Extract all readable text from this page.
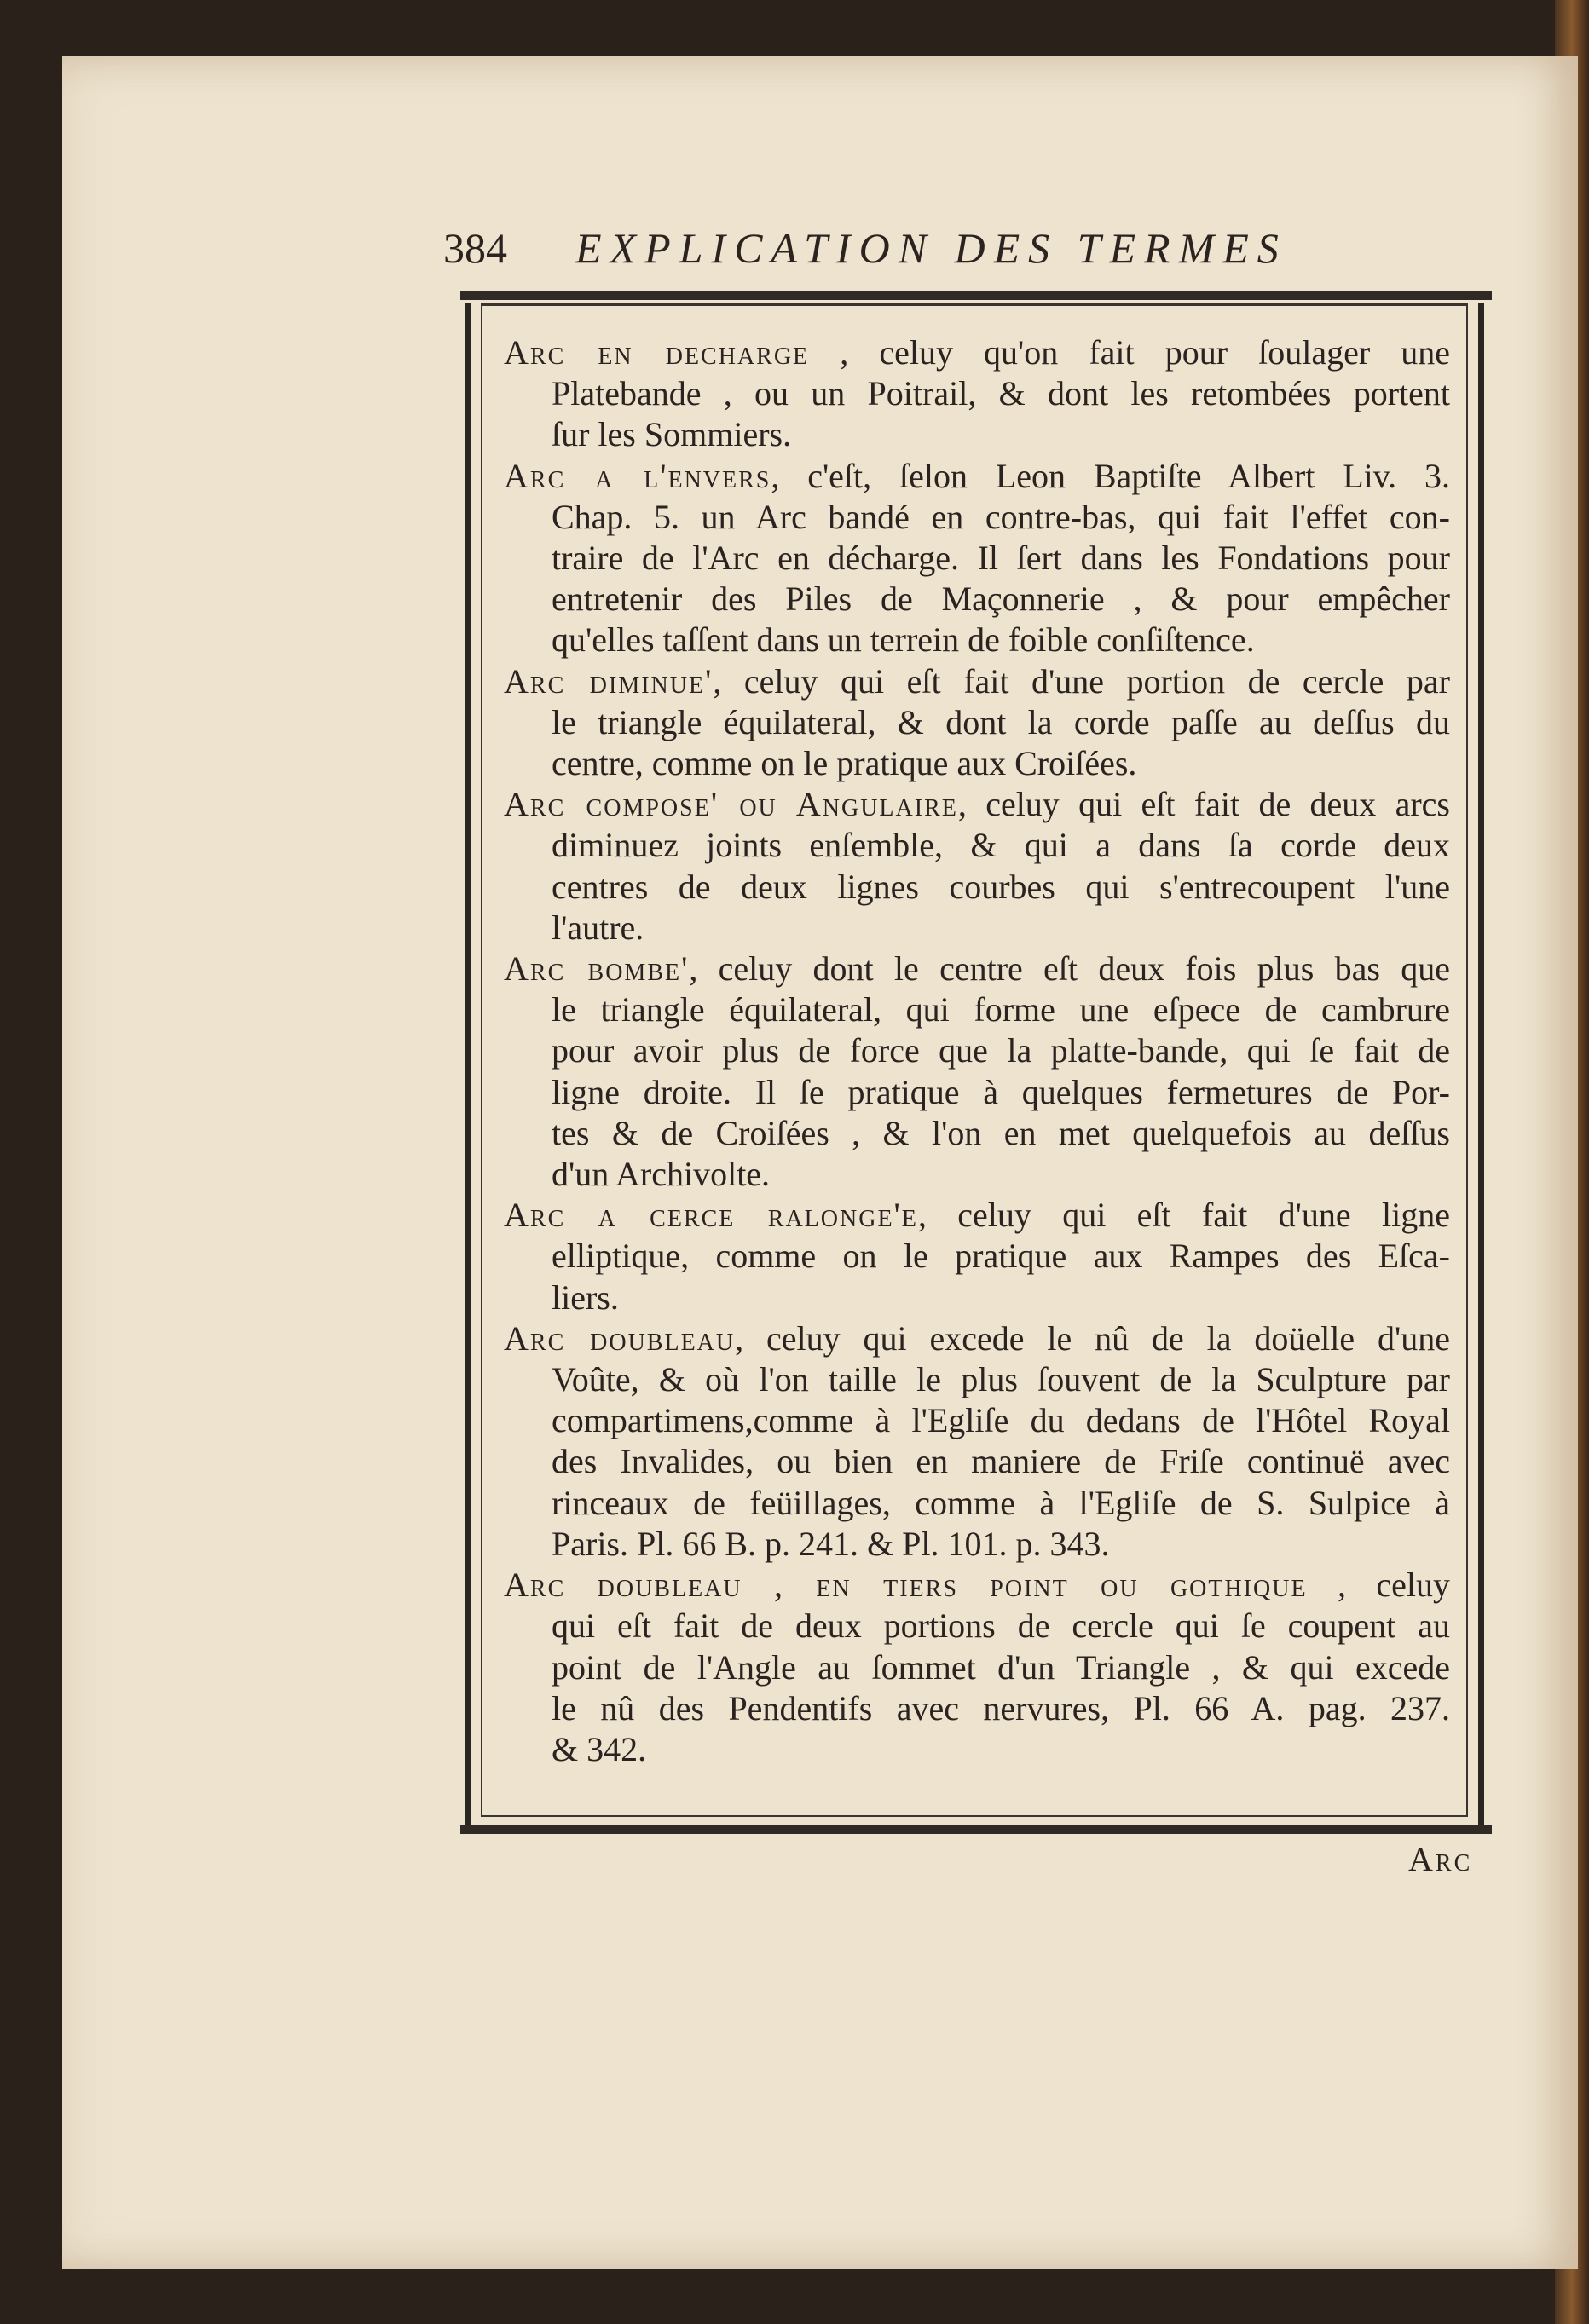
384 EXPLICATION DES TERMES
Arc en decharge , celuy qu'on fait pour ſoulager une
Platebande , ou un Poitrail, & dont les retombées portent
ſur les Sommiers.
Arc a l'envers, c'eſt, ſelon Leon Baptiſte Albert Liv. 3.
Chap. 5. un Arc bandé en contre-bas, qui fait l'effet con-
traire de l'Arc en décharge. Il ſert dans les Fondations pour
entretenir des Piles de Maçonnerie , & pour empêcher
qu'elles taſſent dans un terrein de foible conſiſtence.
Arc diminue', celuy qui eſt fait d'une portion de cercle par
le triangle équilateral, & dont la corde paſſe au deſſus du
centre, comme on le pratique aux Croiſées.
Arc compose' ou Angulaire, celuy qui eſt fait de deux arcs
diminuez joints enſemble, & qui a dans ſa corde deux
centres de deux lignes courbes qui s'entrecoupent l'une
l'autre.
Arc bombe', celuy dont le centre eſt deux fois plus bas que
le triangle équilateral, qui forme une eſpece de cambrure
pour avoir plus de force que la platte-bande, qui ſe fait de
ligne droite. Il ſe pratique à quelques fermetures de Por-
tes & de Croiſées , & l'on en met quelquefois au deſſus
d'un Archivolte.
Arc a cerce ralonge'e, celuy qui eſt fait d'une ligne
elliptique, comme on le pratique aux Rampes des Eſca-
liers.
Arc doubleau, celuy qui excede le nû de la doüelle d'une
Voûte, & où l'on taille le plus ſouvent de la Sculpture par
compartimens,comme à l'Egliſe du dedans de l'Hôtel Royal
des Invalides, ou bien en maniere de Friſe continuë avec
rinceaux de feüillages, comme à l'Egliſe de S. Sulpice à
Paris. Pl. 66 B. p. 241. & Pl. 101. p. 343.
Arc doubleau , en tiers point ou gothique , celuy
qui eſt fait de deux portions de cercle qui ſe coupent au
point de l'Angle au ſommet d'un Triangle , & qui excede
le nû des Pendentifs avec nervures, Pl. 66 A. pag. 237.
& 342.
Arc
